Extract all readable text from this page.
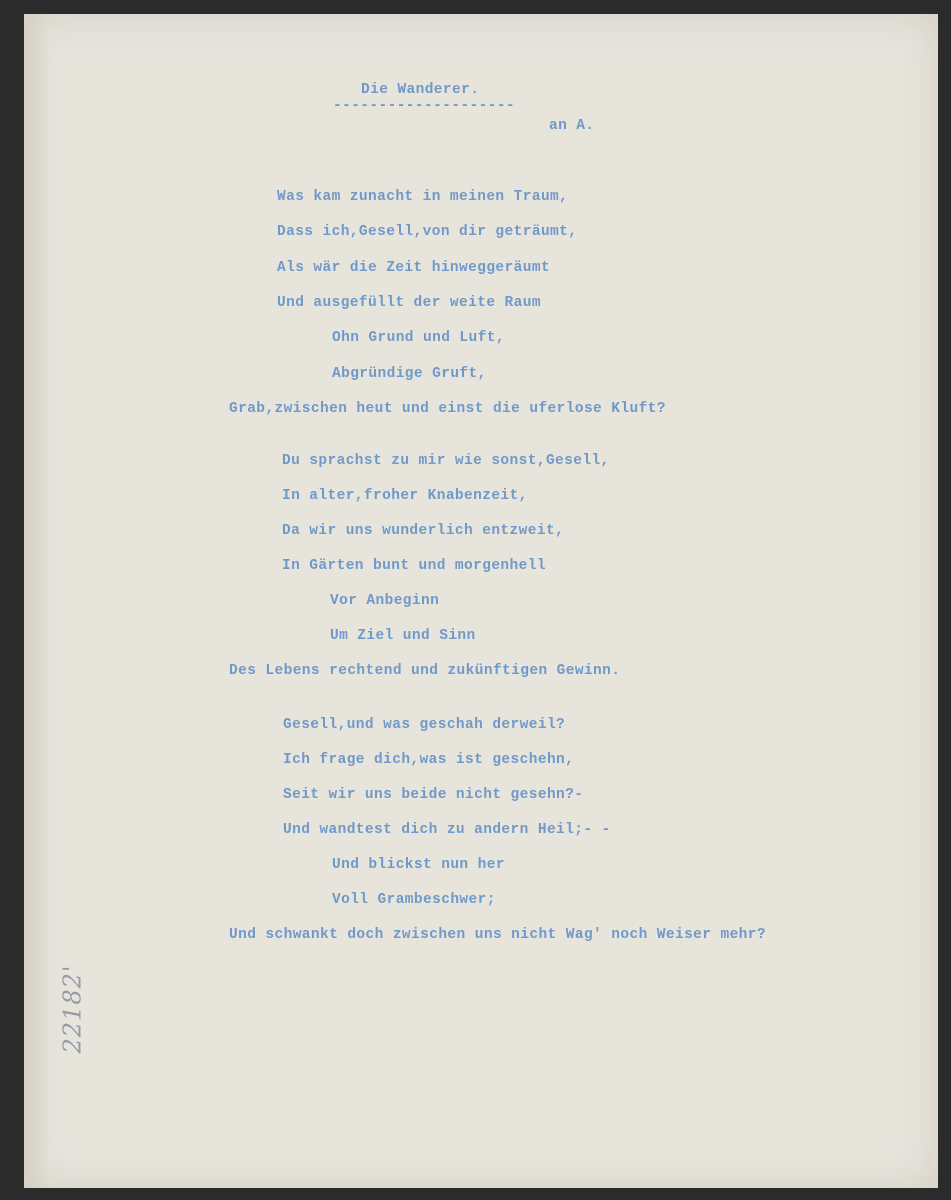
Die Wanderer.
--------------------
an A.
Was kam zunacht in meinen Traum,
Dass ich,Gesell,von dir geträumt,
Als wär die Zeit hinweggeräumt
Und ausgefüllt der weite Raum
Ohn Grund und Luft,
Abgründige Gruft,
Grab,zwischen heut und einst die uferlose Kluft?
Du sprachst zu mir wie sonst,Gesell,
In alter,froher Knabenzeit,
Da wir uns wunderlich entzweit,
In Gärten bunt und morgenhell
Vor Anbeginn
Um Ziel und Sinn
Des Lebens rechtend und zukünftigen Gewinn.
Gesell,und was geschah derweil?
Ich frage dich,was ist geschehn,
Seit wir uns beide nicht gesehn?-
Und wandtest dich zu andern Heil;- -
Und blickst nun her
Voll Grambeschwer;
Und schwankt doch zwischen uns nicht Wag' noch Weiser mehr?
22182'
